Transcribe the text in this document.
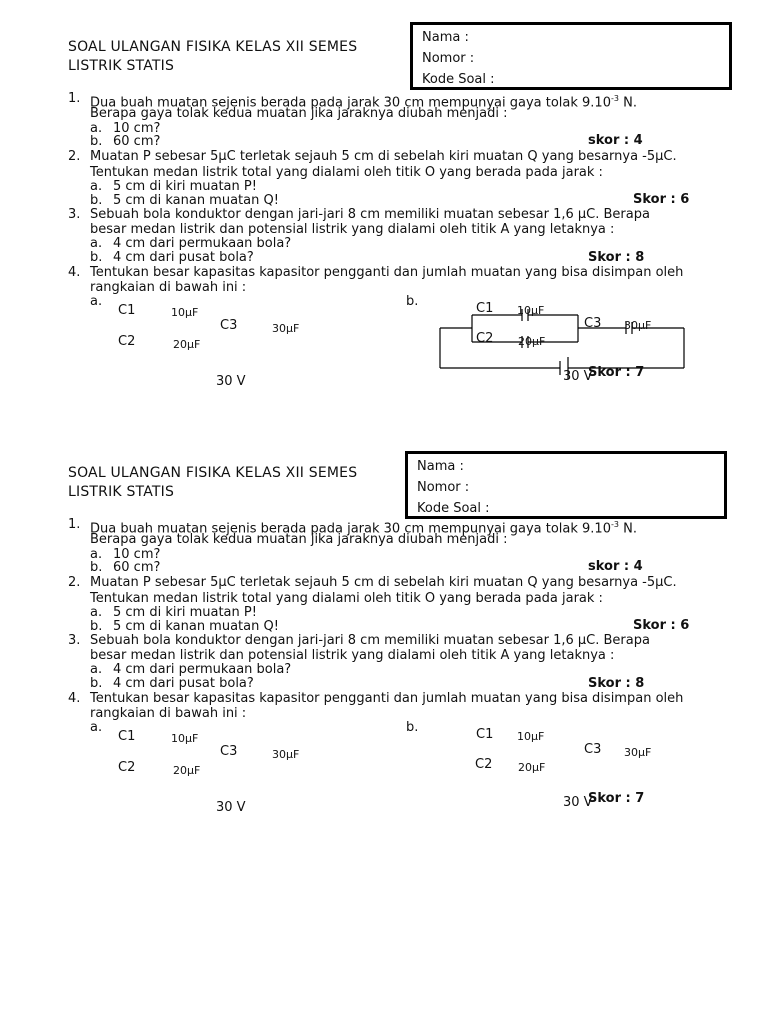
SOAL ULANGAN FISIKA KELAS XII SEMES
LISTRIK STATIS
Nama :
Nomor :
Kode Soal :
1. Dua buah muatan sejenis berada pada jarak 30 cm mempunyai gaya tolak $9.10^{-3}$ N.
Berapa gaya tolak kedua muatan jika jaraknya diubah menjadi :
a. 10 cm?
b. 60 cm?	skor : 4
2. Muatan P sebesar 5μC terletak sejauh 5 cm di sebelah kiri muatan Q yang besarnya -5μC.
Tentukan medan listrik total yang dialami oleh titik O yang berada pada jarak :
a. 5 cm di kiri muatan P!
b. 5 cm di kanan muatan Q!	Skor : 6
3. Sebuah bola konduktor dengan jari-jari 8 cm memiliki muatan sebesar 1,6 μC. Berapa
besar medan listrik dan potensial listrik yang dialami oleh titik A yang letaknya :
a. 4 cm dari permukaan bola?
b. 4 cm dari pusat bola?	Skor : 8
4. Tentukan besar kapasitas kapasitor pengganti dan jumlah muatan yang bisa disimpan oleh
rangkaian di bawah ini :
a.	b.
C1	10μF
C3	30μF
C2	20μF
30 V
C1 10μF
C2 20μF
C3 30μF
30 V
Skor : 7
SOAL ULANGAN FISIKA KELAS XII SEMES
LISTRIK STATIS
Nama :
Nomor :
Kode Soal :
1. Dua buah muatan sejenis berada pada jarak 30 cm mempunyai gaya tolak $9.10^{-3}$ N.
Berapa gaya tolak kedua muatan jika jaraknya diubah menjadi :
a. 10 cm?
b. 60 cm?	skor : 4
2. Muatan P sebesar 5μC terletak sejauh 5 cm di sebelah kiri muatan Q yang besarnya -5μC.
Tentukan medan listrik total yang dialami oleh titik O yang berada pada jarak :
a. 5 cm di kiri muatan P!
b. 5 cm di kanan muatan Q!	Skor : 6
3. Sebuah bola konduktor dengan jari-jari 8 cm memiliki muatan sebesar 1,6 μC. Berapa
besar medan listrik dan potensial listrik yang dialami oleh titik A yang letaknya :
a. 4 cm dari permukaan bola?
b. 4 cm dari pusat bola?	Skor : 8
4. Tentukan besar kapasitas kapasitor pengganti dan jumlah muatan yang bisa disimpan oleh
rangkaian di bawah ini :
a.	b.
C1	10μF
C3	30μF
C2	20μF
30 V
C1 10μF
C2 20μF
C3 30μF
30 V
Skor : 7
